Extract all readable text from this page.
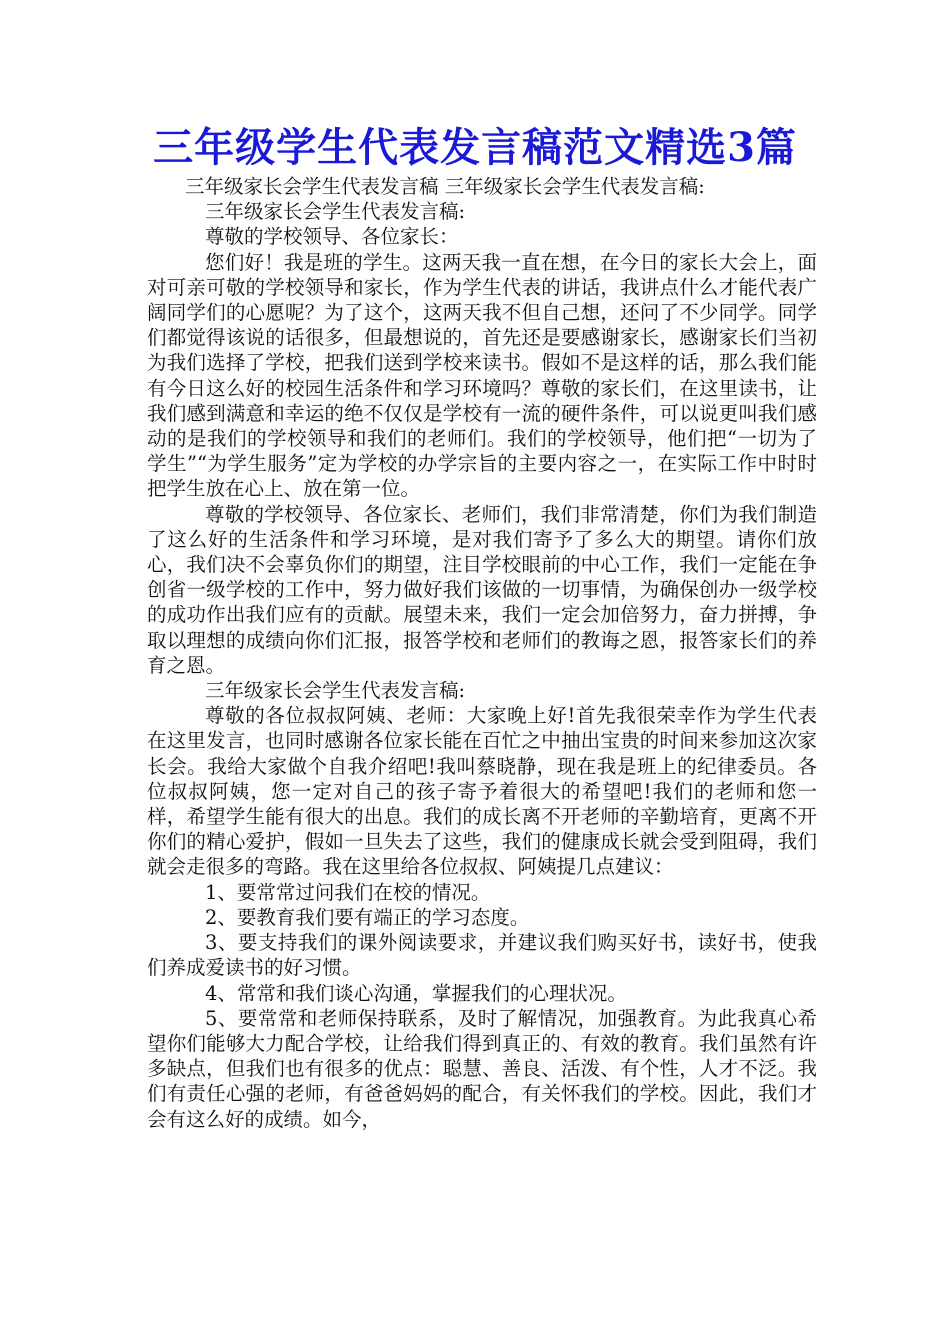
三年级学生代表发言稿范文精选3篇

三年级家长会学生代表发言稿 三年级家长会学生代表发言稿:

三年级家长会学生代表发言稿:

尊敬的学校领导、各位家长：

您们好！我是班的学生。这两天我一直在想，在今日的家长大会上，面对可亲可敬的学校领导和家长，作为学生代表的讲话，我讲点什么才能代表广阔同学们的心愿呢？为了这个，这两天我不但自己想，还问了不少同学。同学们都觉得该说的话很多，但最想说的，首先还是要感谢家长，感谢家长们当初为我们选择了学校，把我们送到学校来读书。假如不是这样的话，那么我们能有今日这么好的校园生活条件和学习环境吗？尊敬的家长们，在这里读书，让我们感到满意和幸运的绝不仅仅是学校有一流的硬件条件，可以说更叫我们感动的是我们的学校领导和我们的老师们。我们的学校领导，他们把“一切为了学生”“为学生服务”定为学校的办学宗旨的主要内容之一，在实际工作中时时把学生放在心上、放在第一位。

尊敬的学校领导、各位家长、老师们，我们非常清楚，你们为我们制造了这么好的生活条件和学习环境，是对我们寄予了多么大的期望。请你们放心，我们决不会辜负你们的期望，注目学校眼前的中心工作，我们一定能在争创省一级学校的工作中，努力做好我们该做的一切事情，为确保创办一级学校的成功作出我们应有的贡献。展望未来，我们一定会加倍努力，奋力拼搏，争取以理想的成绩向你们汇报，报答学校和老师们的教诲之恩，报答家长们的养育之恩。

三年级家长会学生代表发言稿:

尊敬的各位叔叔阿姨、老师：大家晚上好!首先我很荣幸作为学生代表在这里发言，也同时感谢各位家长能在百忙之中抽出宝贵的时间来参加这次家长会。我给大家做个自我介绍吧!我叫蔡晓静，现在我是班上的纪律委员。各位叔叔阿姨，您一定对自己的孩子寄予着很大的希望吧!我们的老师和您一样，希望学生能有很大的出息。我们的成长离不开老师的辛勤培育，更离不开你们的精心爱护，假如一旦失去了这些，我们的健康成长就会受到阻碍，我们就会走很多的弯路。我在这里给各位叔叔、阿姨提几点建议：

1、要常常过问我们在校的情况。

2、要教育我们要有端正的学习态度。

3、要支持我们的课外阅读要求，并建议我们购买好书，读好书，使我们养成爱读书的好习惯。

4、常常和我们谈心沟通，掌握我们的心理状况。

5、要常常和老师保持联系，及时了解情况，加强教育。为此我真心希望你们能够大力配合学校，让给我们得到真正的、有效的教育。我们虽然有许多缺点，但我们也有很多的优点：聪慧、善良、活泼、有个性，人才不泛。我们有责任心强的老师，有爸爸妈妈的配合，有关怀我们的学校。因此，我们才会有这么好的成绩。如今，
